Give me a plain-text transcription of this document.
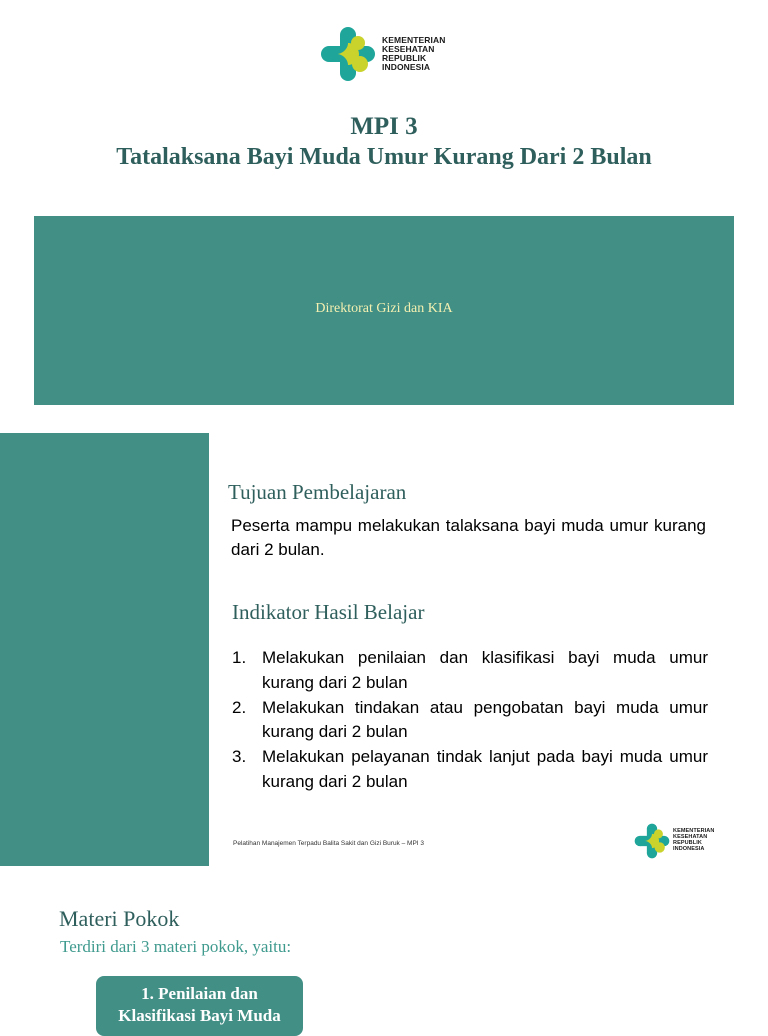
KEMENTERIAN
KESEHATAN
REPUBLIK
INDONESIA
MPI 3
Tatalaksana Bayi Muda Umur Kurang Dari 2 Bulan
Direktorat Gizi dan KIA
Tujuan Pembelajaran
Peserta mampu melakukan talaksana bayi muda umur kurang dari 2 bulan.
Indikator Hasil Belajar
1. Melakukan penilaian dan klasifikasi bayi muda umur kurang dari 2 bulan
2. Melakukan tindakan atau pengobatan bayi muda umur kurang dari 2 bulan
3. Melakukan pelayanan tindak lanjut pada bayi muda umur kurang dari 2 bulan
Pelatihan Manajemen Terpadu Balita Sakit dan Gizi Buruk – MPI 3
KEMENTERIAN
KESEHATAN
REPUBLIK
INDONESIA
Materi Pokok
Terdiri dari 3 materi pokok, yaitu:
1. Penilaian dan
Klasifikasi Bayi Muda
